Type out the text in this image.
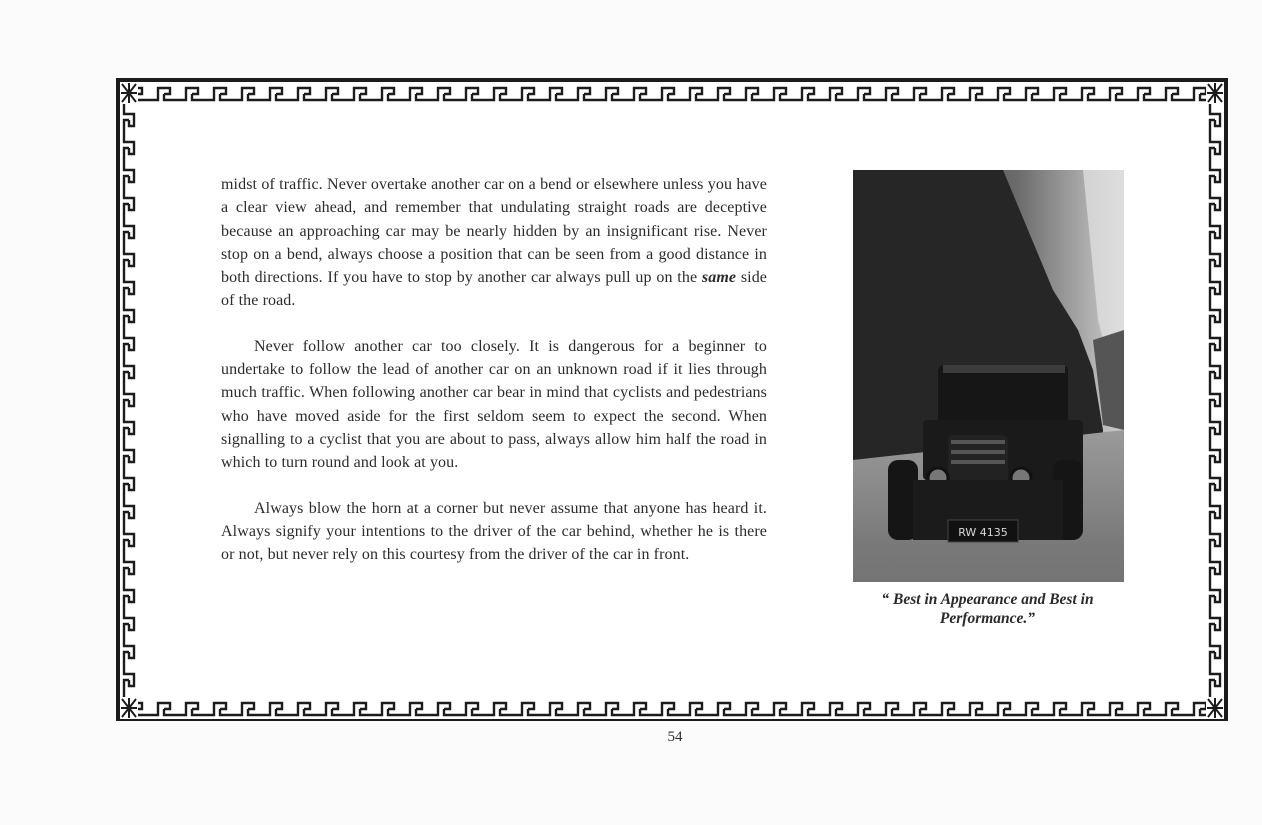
midst of traffic. Never overtake another car on a bend or elsewhere unless you have a clear view ahead, and remember that undulating straight roads are deceptive because an approaching car may be nearly hidden by an insignificant rise. Never stop on a bend, always choose a position that can be seen from a good distance in both directions. If you have to stop by another car always pull up on the same side of the road.

Never follow another car too closely. It is dangerous for a beginner to undertake to follow the lead of another car on an unknown road if it lies through much traffic. When following another car bear in mind that cyclists and pedestrians who have moved aside for the first seldom seem to expect the second. When signalling to a cyclist that you are about to pass, always allow him half the road in which to turn round and look at you.

Always blow the horn at a corner but never assume that anyone has heard it. Always signify your intentions to the driver of the car behind, whether he is there or not, but never rely on this courtesy from the driver of the car in front.

RW 4135
“ Best in Appearance and Best in
Performance.”
54
